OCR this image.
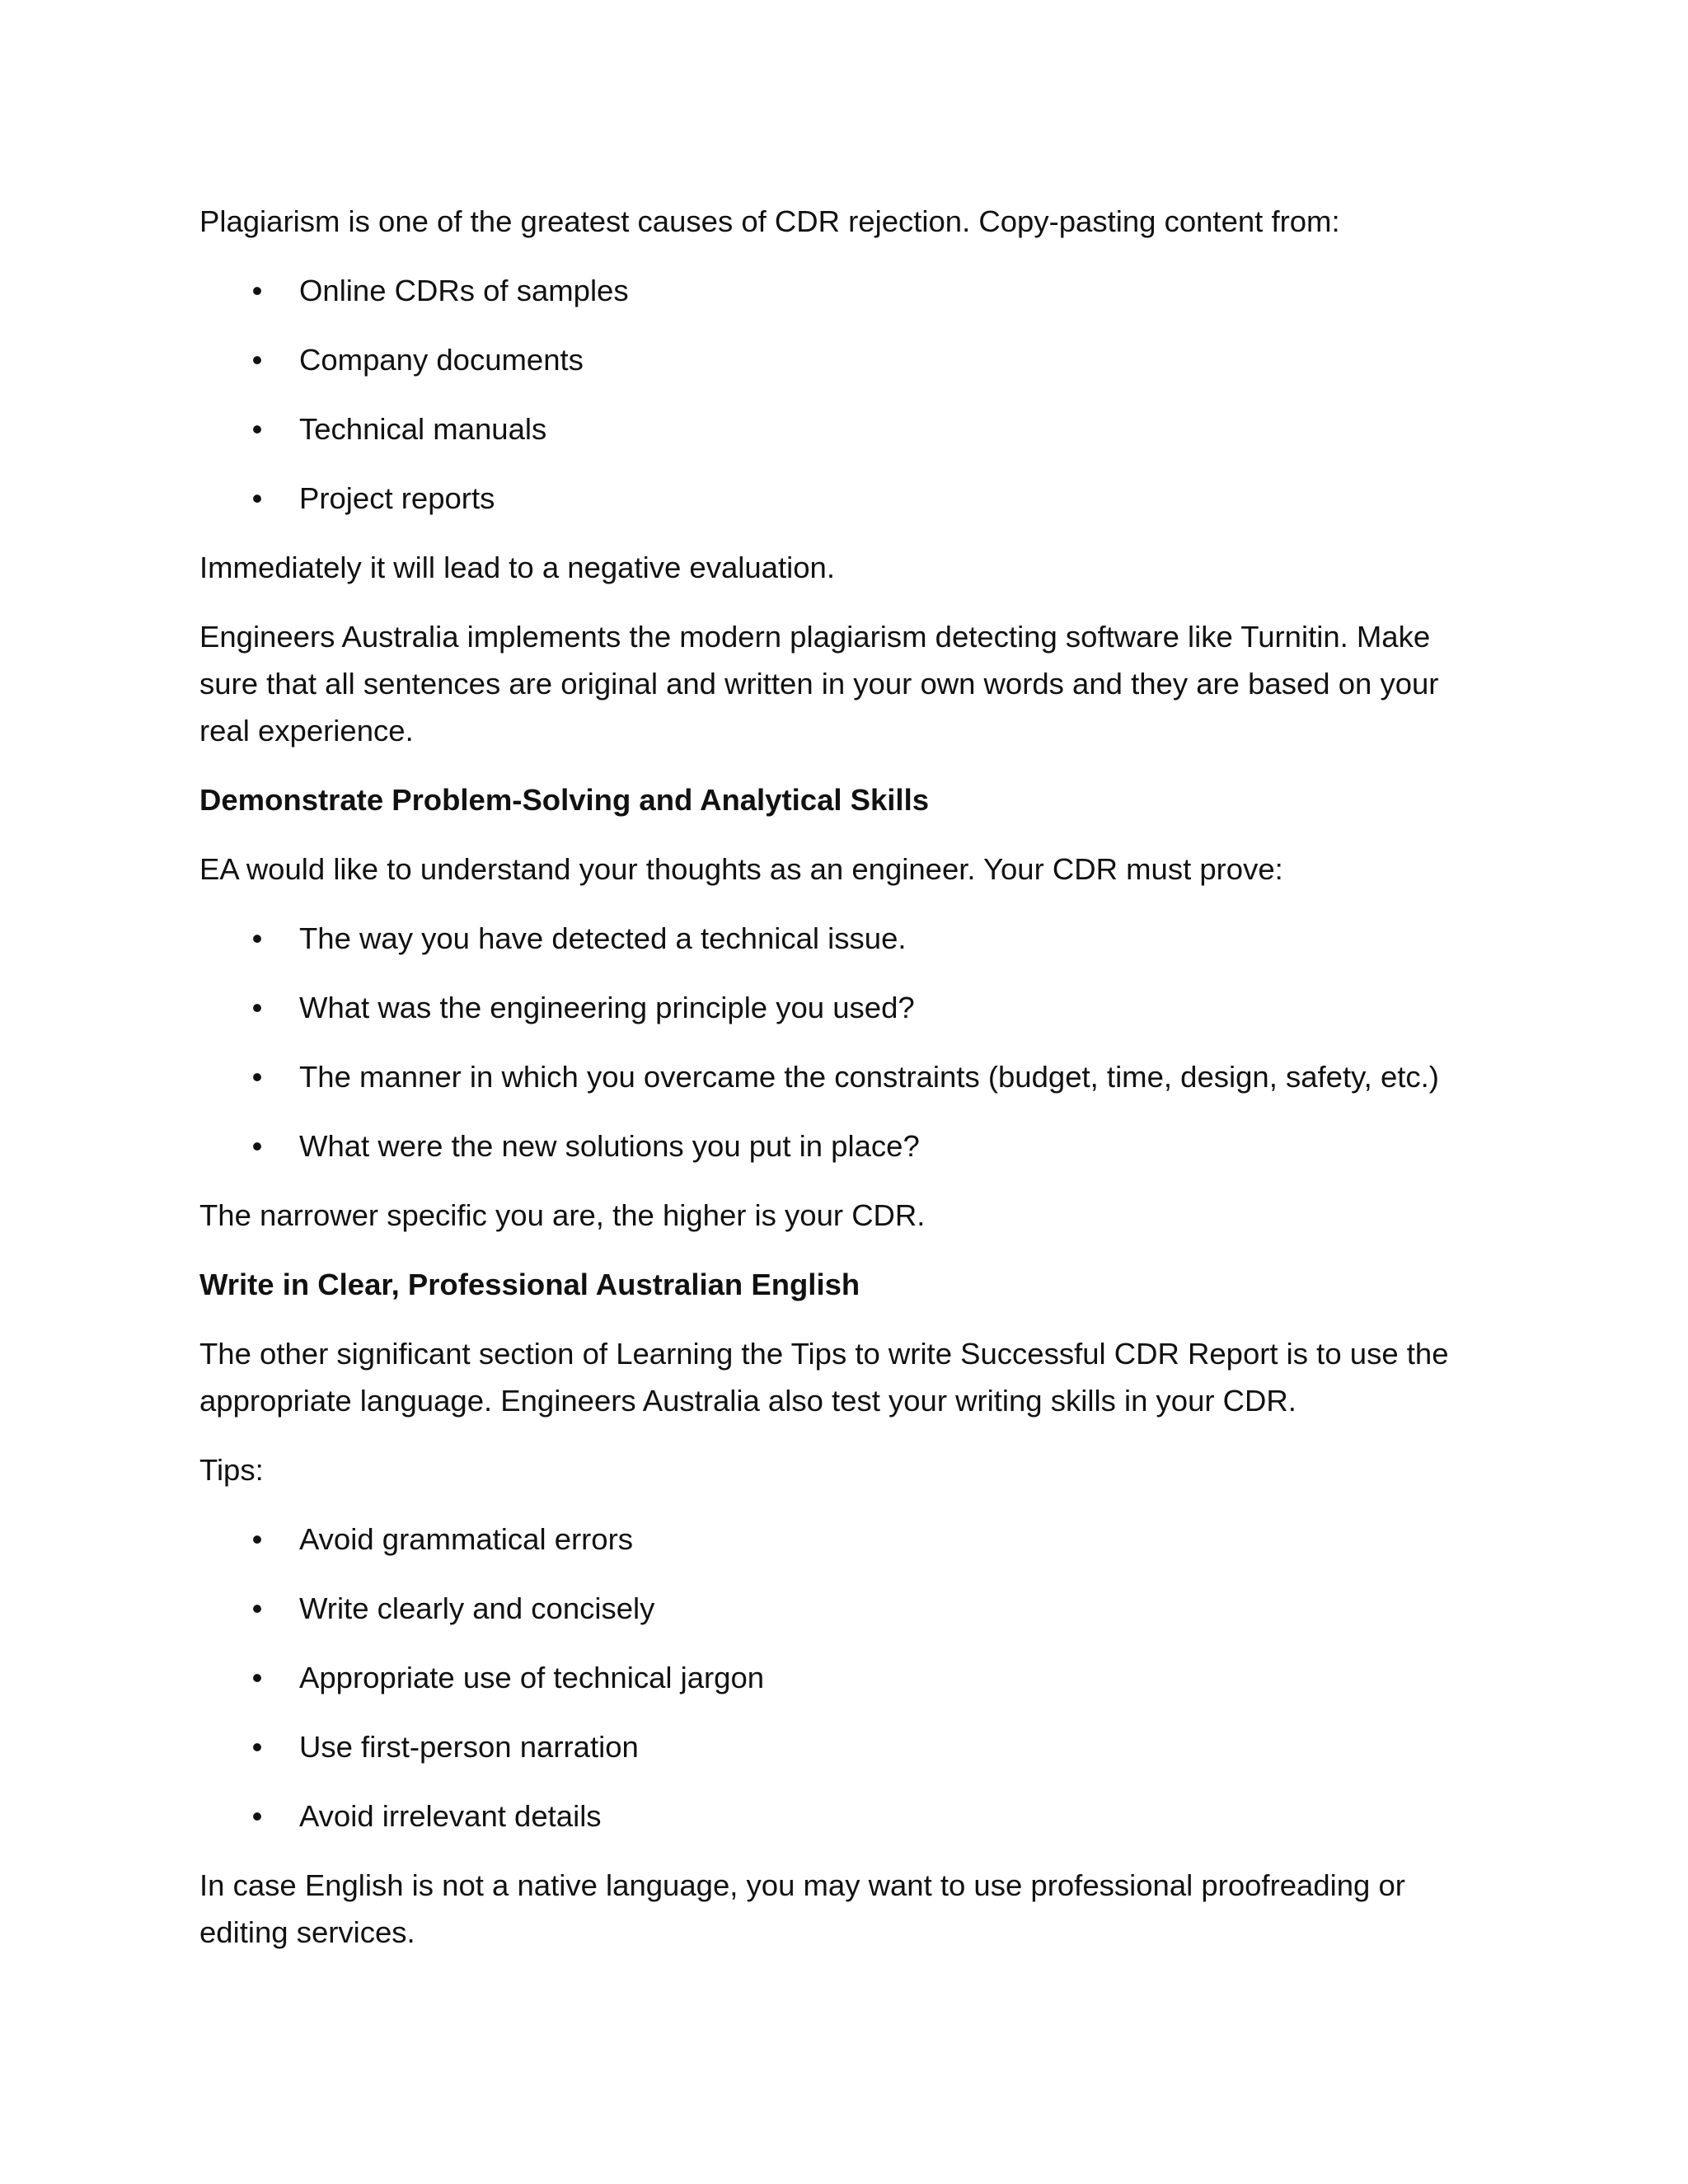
Plagiarism is one of the greatest causes of CDR rejection. Copy-pasting content from:

• Online CDRs of samples
• Company documents
• Technical manuals
• Project reports

Immediately it will lead to a negative evaluation.

Engineers Australia implements the modern plagiarism detecting software like Turnitin. Make sure that all sentences are original and written in your own words and they are based on your real experience.

Demonstrate Problem-Solving and Analytical Skills

EA would like to understand your thoughts as an engineer. Your CDR must prove:

• The way you have detected a technical issue.
• What was the engineering principle you used?
• The manner in which you overcame the constraints (budget, time, design, safety, etc.)
• What were the new solutions you put in place?

The narrower specific you are, the higher is your CDR.

Write in Clear, Professional Australian English

The other significant section of Learning the Tips to write Successful CDR Report is to use the appropriate language. Engineers Australia also test your writing skills in your CDR.

Tips:

• Avoid grammatical errors
• Write clearly and concisely
• Appropriate use of technical jargon
• Use first-person narration
• Avoid irrelevant details

In case English is not a native language, you may want to use professional proofreading or editing services.
